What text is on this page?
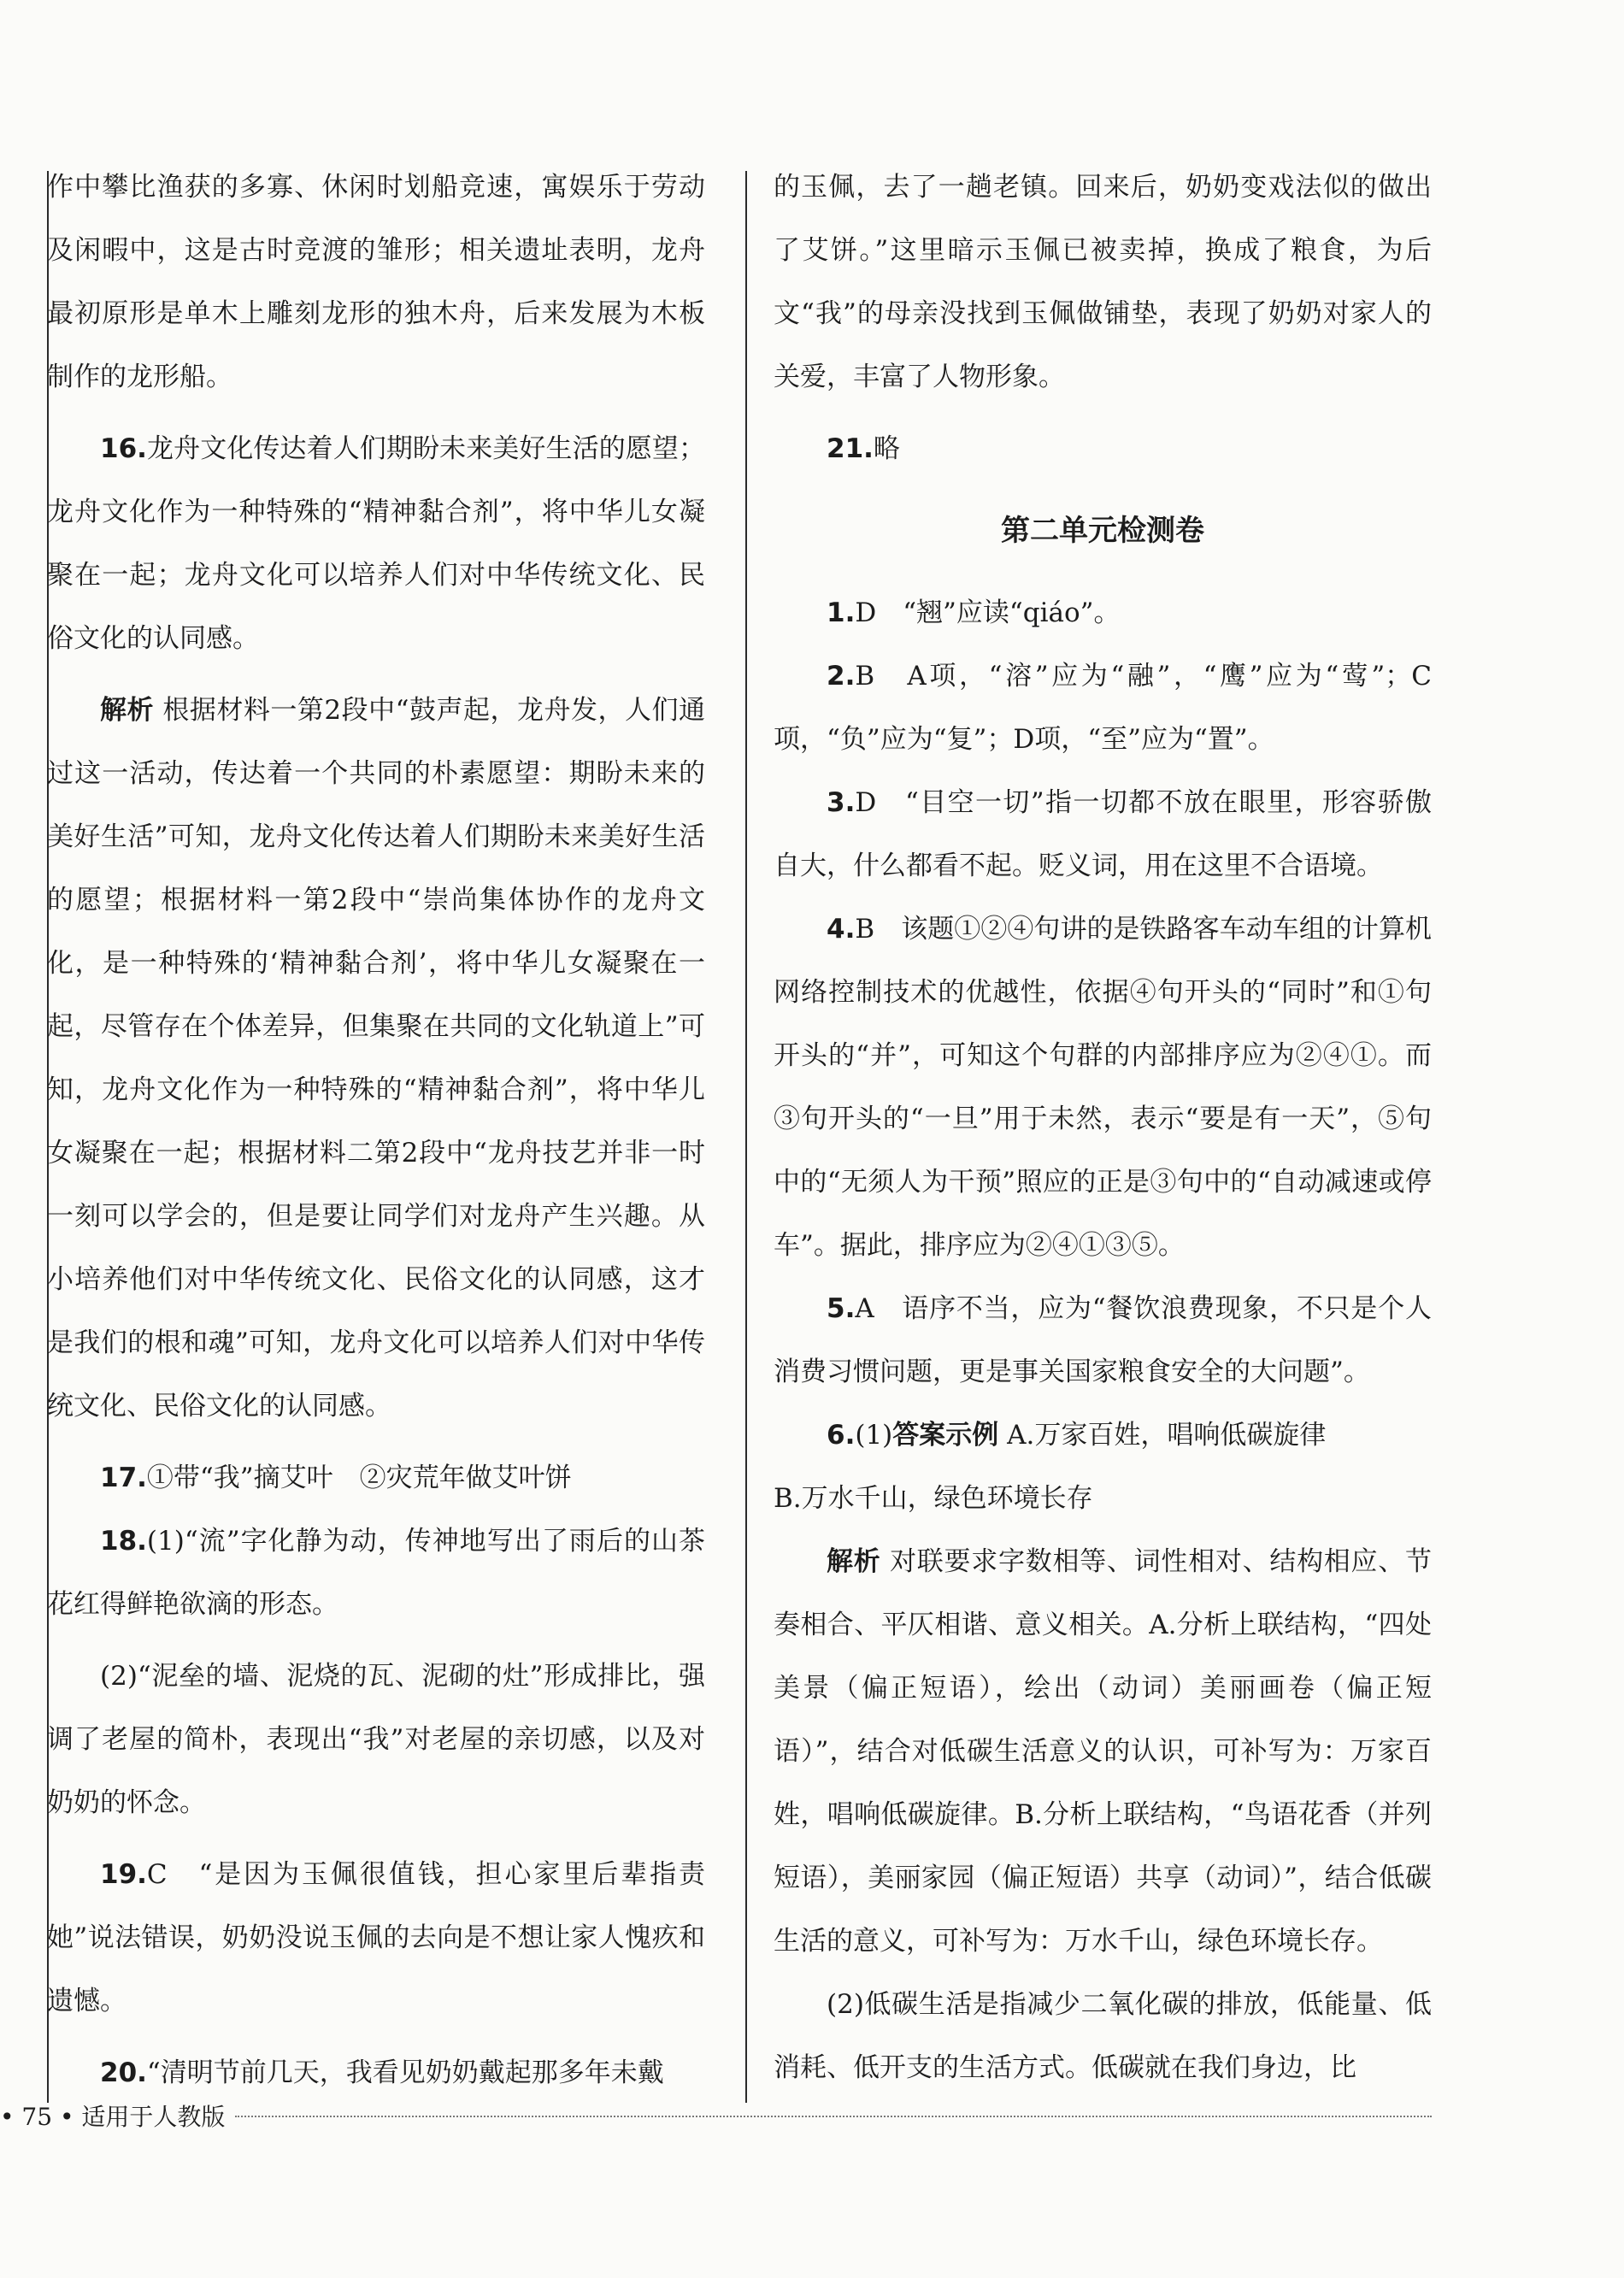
作中攀比渔获的多寡、休闲时划船竞速，寓娱乐于劳动及闲暇中，这是古时竞渡的雏形；相关遗址表明，龙舟最初原形是单木上雕刻龙形的独木舟，后来发展为木板制作的龙形船。

16.龙舟文化传达着人们期盼未来美好生活的愿望；龙舟文化作为一种特殊的“精神黏合剂”，将中华儿女凝聚在一起；龙舟文化可以培养人们对中华传统文化、民俗文化的认同感。

解析 根据材料一第2段中“鼓声起，龙舟发，人们通过这一活动，传达着一个共同的朴素愿望：期盼未来的美好生活”可知，龙舟文化传达着人们期盼未来美好生活的愿望；根据材料一第2段中“崇尚集体协作的龙舟文化，是一种特殊的‘精神黏合剂’，将中华儿女凝聚在一起，尽管存在个体差异，但集聚在共同的文化轨道上”可知，龙舟文化作为一种特殊的“精神黏合剂”，将中华儿女凝聚在一起；根据材料二第2段中“龙舟技艺并非一时一刻可以学会的，但是要让同学们对龙舟产生兴趣。从小培养他们对中华传统文化、民俗文化的认同感，这才是我们的根和魂”可知，龙舟文化可以培养人们对中华传统文化、民俗文化的认同感。

17.①带“我”摘艾叶　②灾荒年做艾叶饼

18.(1)“流”字化静为动，传神地写出了雨后的山茶花红得鲜艳欲滴的形态。

(2)“泥垒的墙、泥烧的瓦、泥砌的灶”形成排比，强调了老屋的简朴，表现出“我”对老屋的亲切感，以及对奶奶的怀念。

19.C　“是因为玉佩很值钱，担心家里后辈指责她”说法错误，奶奶没说玉佩的去向是不想让家人愧疚和遗憾。

20.“清明节前几天，我看见奶奶戴起那多年未戴

的玉佩，去了一趟老镇。回来后，奶奶变戏法似的做出了艾饼。”这里暗示玉佩已被卖掉，换成了粮食，为后文“我”的母亲没找到玉佩做铺垫，表现了奶奶对家人的关爱，丰富了人物形象。

21.略

第二单元检测卷

1.D　“翘”应读“qiáo”。

2.B　A项，“溶”应为“融”，“鹰”应为“莺”；C项，“负”应为“复”；D项，“至”应为“置”。

3.D　“目空一切”指一切都不放在眼里，形容骄傲自大，什么都看不起。贬义词，用在这里不合语境。

4.B　该题①②④句讲的是铁路客车动车组的计算机网络控制技术的优越性，依据④句开头的“同时”和①句开头的“并”，可知这个句群的内部排序应为②④①。而③句开头的“一旦”用于未然，表示“要是有一天”，⑤句中的“无须人为干预”照应的正是③句中的“自动减速或停车”。据此，排序应为②④①③⑤。

5.A　语序不当，应为“餐饮浪费现象，不只是个人消费习惯问题，更是事关国家粮食安全的大问题”。

6.(1)答案示例 A.万家百姓，唱响低碳旋律

B.万水千山，绿色环境长存

解析 对联要求字数相等、词性相对、结构相应、节奏相合、平仄相谐、意义相关。A.分析上联结构，“四处美景（偏正短语），绘出（动词）美丽画卷（偏正短语）”，结合对低碳生活意义的认识，可补写为：万家百姓，唱响低碳旋律。B.分析上联结构，“鸟语花香（并列短语），美丽家园（偏正短语）共享（动词）”，结合低碳生活的意义，可补写为：万水千山，绿色环境长存。

(2)低碳生活是指减少二氧化碳的排放，低能量、低消耗、低开支的生活方式。低碳就在我们身边，比

• 75 • 适用于人教版
